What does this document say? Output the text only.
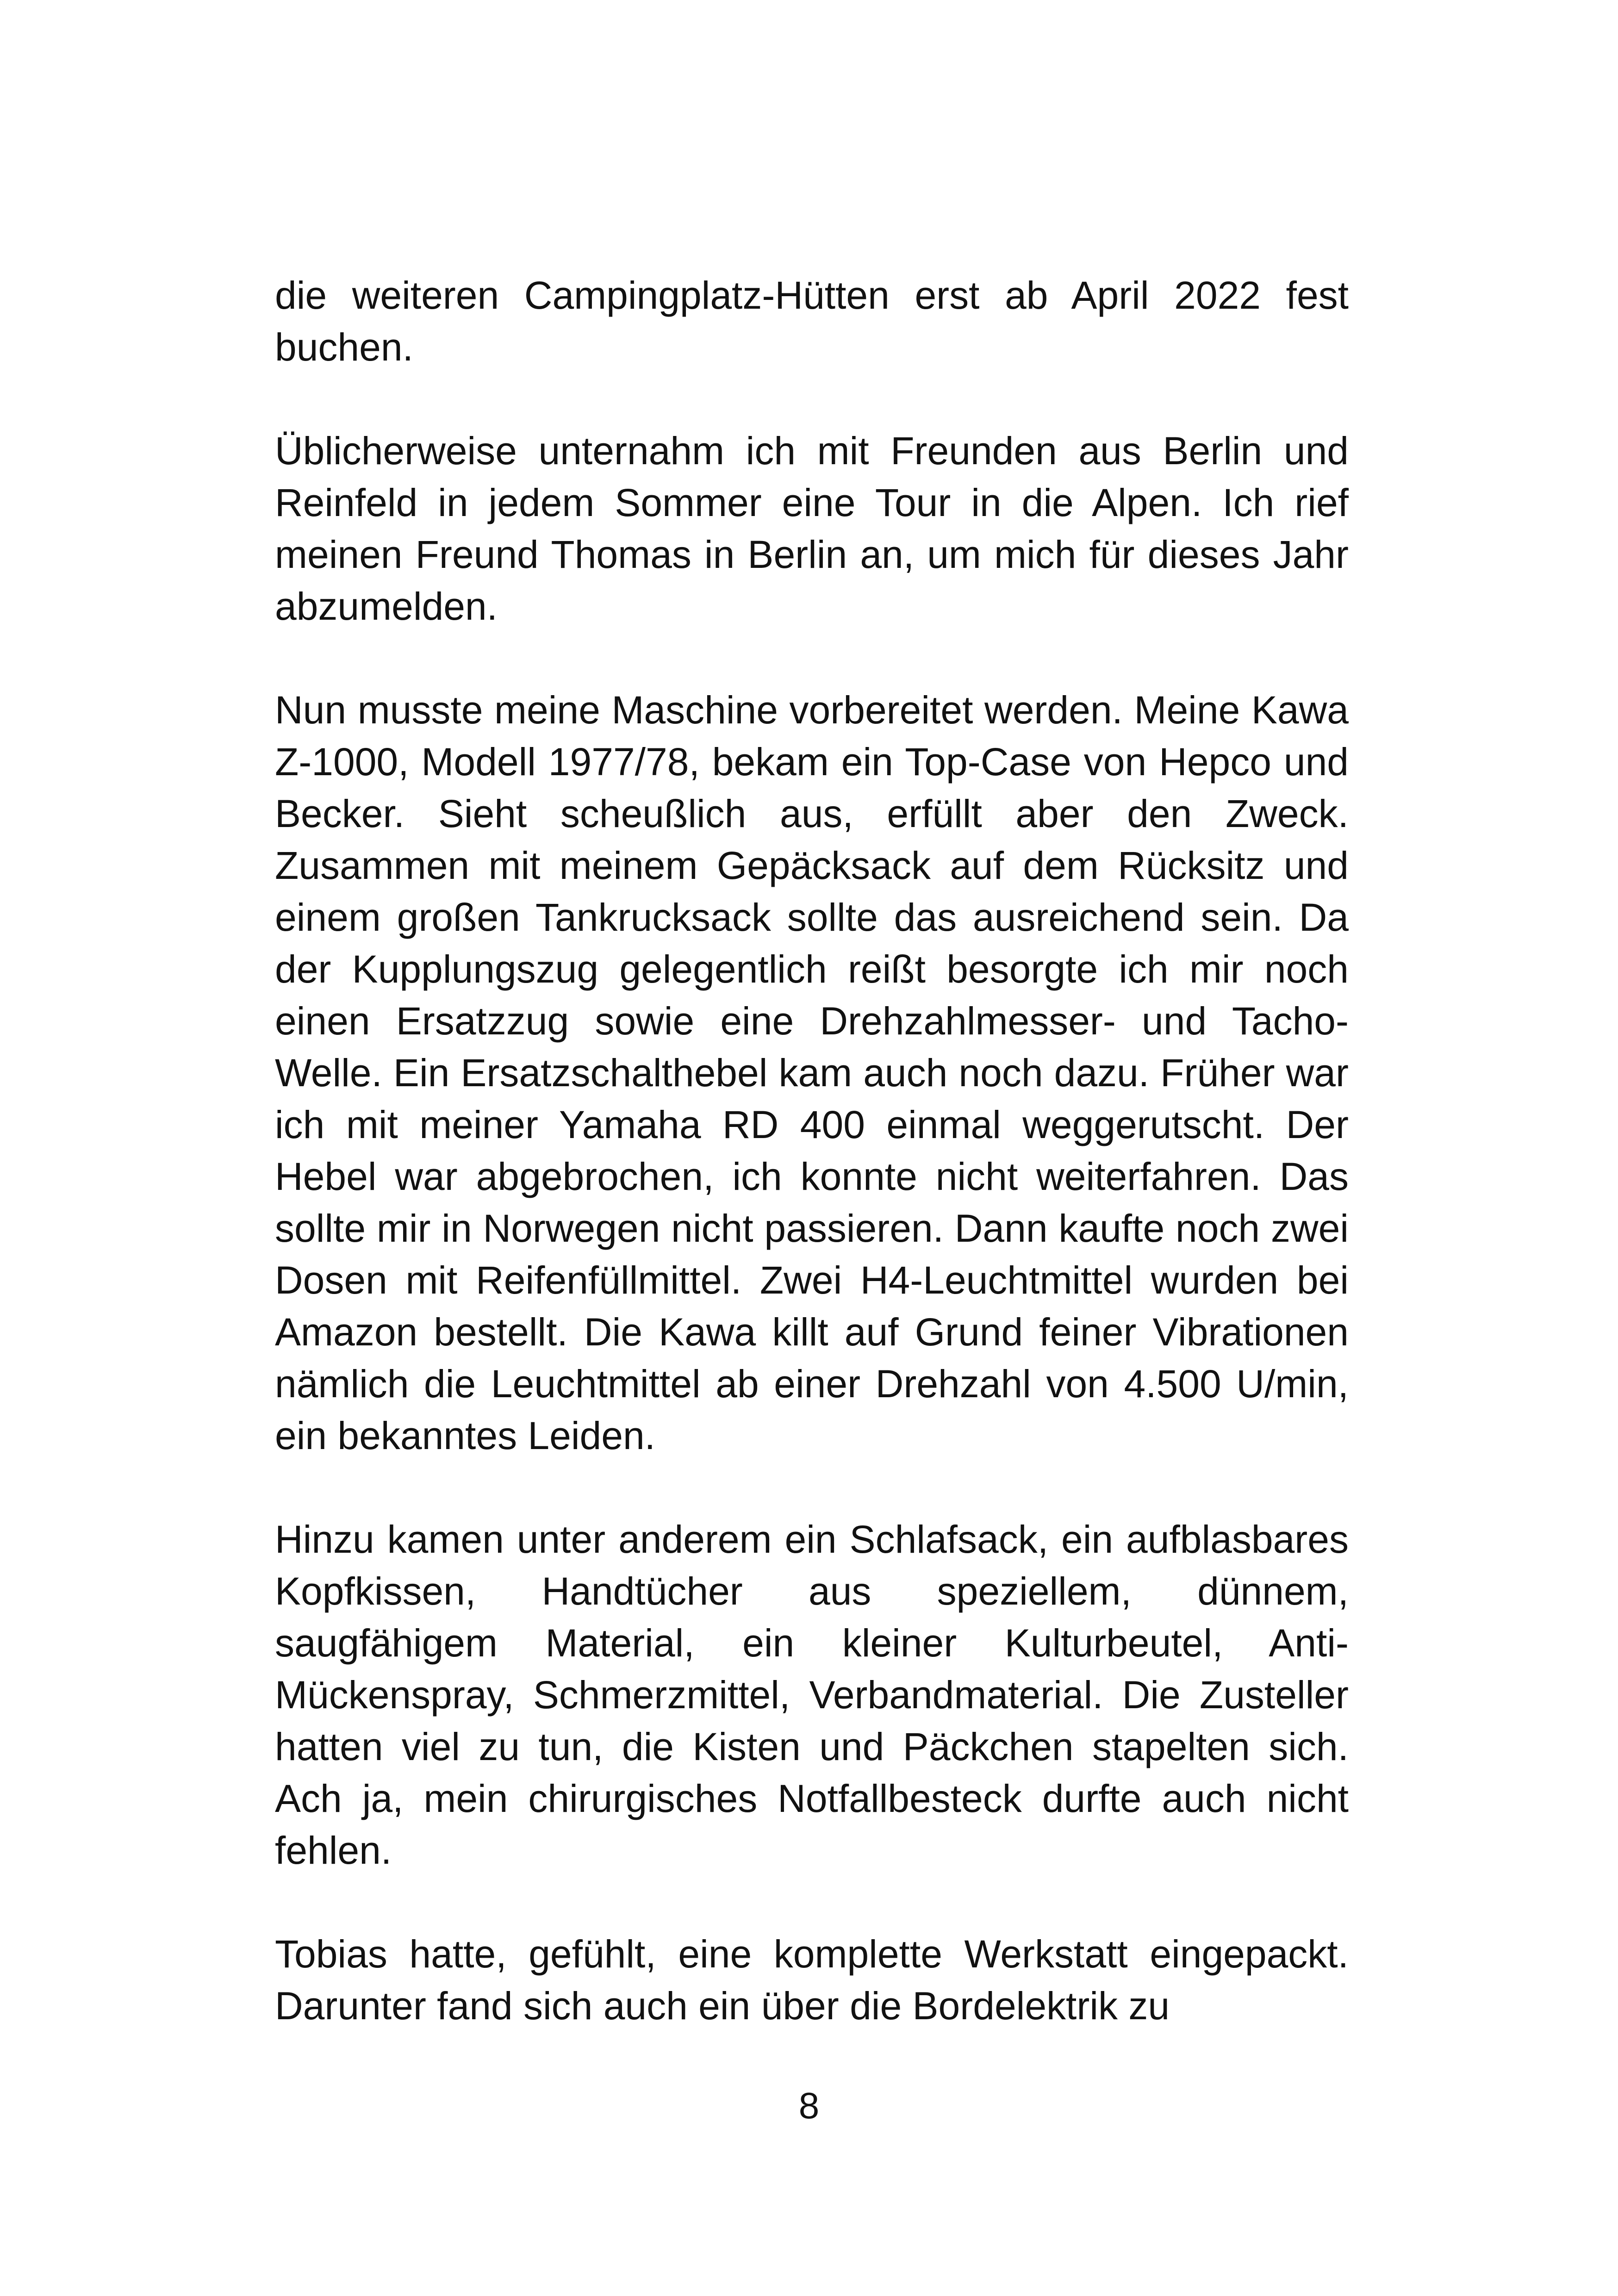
die weiteren Campingplatz-Hütten erst ab April 2022 fest buchen.

Üblicherweise unternahm ich mit Freunden aus Berlin und Reinfeld in jedem Sommer eine Tour in die Alpen. Ich rief meinen Freund Thomas in Berlin an, um mich für dieses Jahr abzumelden.

Nun musste meine Maschine vorbereitet werden. Meine Kawa Z-1000, Modell 1977/78, bekam ein Top-Case von Hepco und Becker. Sieht scheußlich aus, erfüllt aber den Zweck. Zusammen mit meinem Gepäcksack auf dem Rücksitz und einem großen Tankrucksack sollte das ausreichend sein. Da der Kupplungszug gelegentlich reißt besorgte ich mir noch einen Ersatzzug sowie eine Drehzahlmesser- und Tacho-Welle. Ein Ersatzschalthebel kam auch noch dazu. Früher war ich mit meiner Yamaha RD 400 einmal weggerutscht. Der Hebel war abgebrochen, ich konnte nicht weiterfahren. Das sollte mir in Norwegen nicht passieren. Dann kaufte noch zwei Dosen mit Reifenfüllmittel. Zwei H4-Leuchtmittel wurden bei Amazon bestellt. Die Kawa killt auf Grund feiner Vibrationen nämlich die Leuchtmittel ab einer Drehzahl von 4.500 U/min, ein bekanntes Leiden.

Hinzu kamen unter anderem ein Schlafsack, ein aufblasbares Kopfkissen, Handtücher aus speziellem, dünnem, saugfähigem Material, ein kleiner Kulturbeutel, Anti-Mückenspray, Schmerzmittel, Verbandmaterial. Die Zusteller hatten viel zu tun, die Kisten und Päckchen stapelten sich. Ach ja, mein chirurgisches Notfallbesteck durfte auch nicht fehlen.

Tobias hatte, gefühlt, eine komplette Werkstatt eingepackt. Darunter fand sich auch ein über die Bordelektrik zu

8
